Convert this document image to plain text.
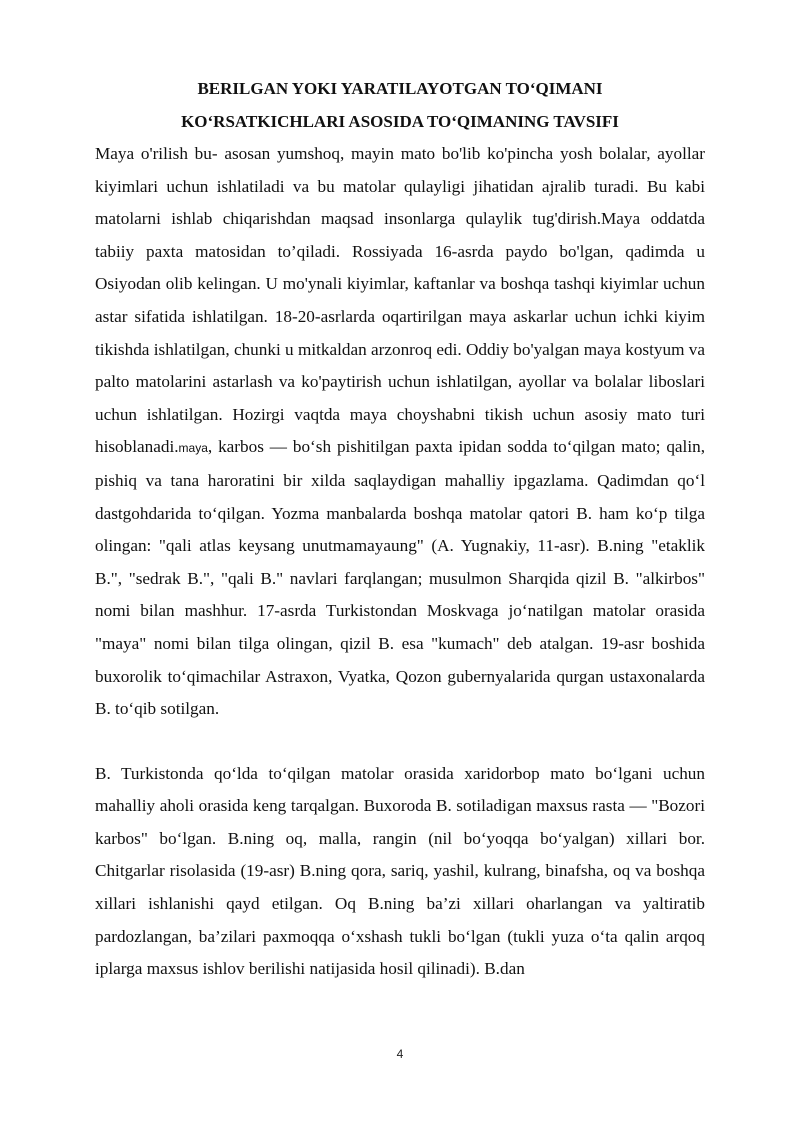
BERILGAN YOKI YARATILAYOTGAN TO‘QIMANI

KO‘RSATKICHLARI ASOSIDA TO‘QIMANING TAVSIFI

Maya o'rilish bu- asosan yumshoq, mayin mato bo'lib ko'pincha yosh bolalar, ayollar kiyimlari uchun ishlatiladi va bu matolar qulayligi jihatidan ajralib turadi. Bu kabi matolarni ishlab chiqarishdan maqsad insonlarga qulaylik tug'dirish.Maya oddatda tabiiy paxta matosidan to’qiladi. Rossiyada 16-asrda paydo bo'lgan, qadimda u Osiyodan olib kelingan. U mo'ynali kiyimlar, kaftanlar va boshqa tashqi kiyimlar uchun astar sifatida ishlatilgan. 18-20-asrlarda oqartirilgan maya askarlar uchun ichki kiyim tikishda ishlatilgan, chunki u mitkaldan arzonroq edi. Oddiy bo'yalgan maya kostyum va palto matolarini astarlash va ko'paytirish uchun ishlatilgan, ayollar va bolalar liboslari uchun ishlatilgan. Hozirgi vaqtda maya choyshabni tikish uchun asosiy mato turi hisoblanadi.maya, karbos — bo‘sh pishitilgan paxta ipidan sodda to‘qilgan mato; qalin, pishiq va tana haroratini bir xilda saqlaydigan mahalliy ipgazlama. Qadimdan qo‘l dastgohdarida to‘qilgan. Yozma manbalarda boshqa matolar qatori B. ham ko‘p tilga olingan: "qali atlas keysang unutmamayaung" (A. Yugnakiy, 11-asr). B.ning "etaklik B.", "sedrak B.", "qali B." navlari farqlangan; musulmon Sharqida qizil B. "alkirbos" nomi bilan mashhur. 17-asrda Turkistondan Moskvaga jo‘natilgan matolar orasida "maya" nomi bilan tilga olingan, qizil B. esa "kumach" deb atalgan. 19-asr boshida buxorolik to‘qimachilar Astraxon, Vyatka, Qozon gubernyalarida qurgan ustaxonalarda B. to‘qib sotilgan.

B. Turkistonda qo‘lda to‘qilgan matolar orasida xaridorbop mato bo‘lgani uchun mahalliy aholi orasida keng tarqalgan. Buxoroda B. sotiladigan maxsus rasta — "Bozori karbos" bo‘lgan. B.ning oq, malla, rangin (nil bo‘yoqqa bo‘yalgan) xillari bor. Chitgarlar risolasida (19-asr) B.ning qora, sariq, yashil, kulrang, binafsha, oq va boshqa xillari ishlanishi qayd etilgan. Oq B.ning ba’zi xillari oharlangan va yaltiratib pardozlangan, ba’zilari paxmoqqa o‘xshash tukli bo‘lgan (tukli yuza o‘ta qalin arqoq iplarga maxsus ishlov berilishi natijasida hosil qilinadi). B.dan

4
